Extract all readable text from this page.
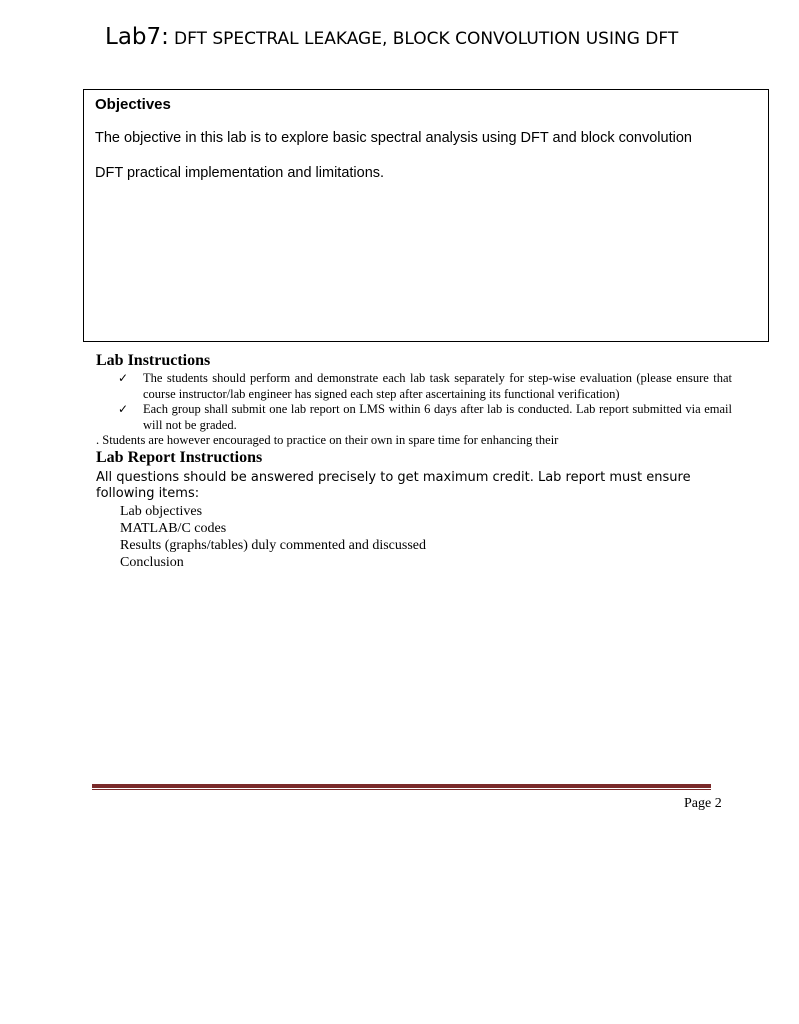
Lab7: DFT SPECTRAL LEAKAGE, BLOCK CONVOLUTION USING DFT
Objectives
The objective in this lab is to explore basic spectral analysis using DFT and block convolution
DFT practical implementation and limitations.
Lab Instructions
✓ The students should perform and demonstrate each lab task separately for step-wise evaluation (please ensure that course instructor/lab engineer has signed each step after ascertaining its functional verification)
✓ Each group shall submit one lab report on LMS within 6 days after lab is conducted. Lab report submitted via email will not be graded.
. Students are however encouraged to practice on their own in spare time for enhancing their
Lab Report Instructions
All questions should be answered precisely to get maximum credit. Lab report must ensure following items:
Lab objectives
MATLAB/C codes
Results (graphs/tables) duly commented and discussed
Conclusion
Page 2
